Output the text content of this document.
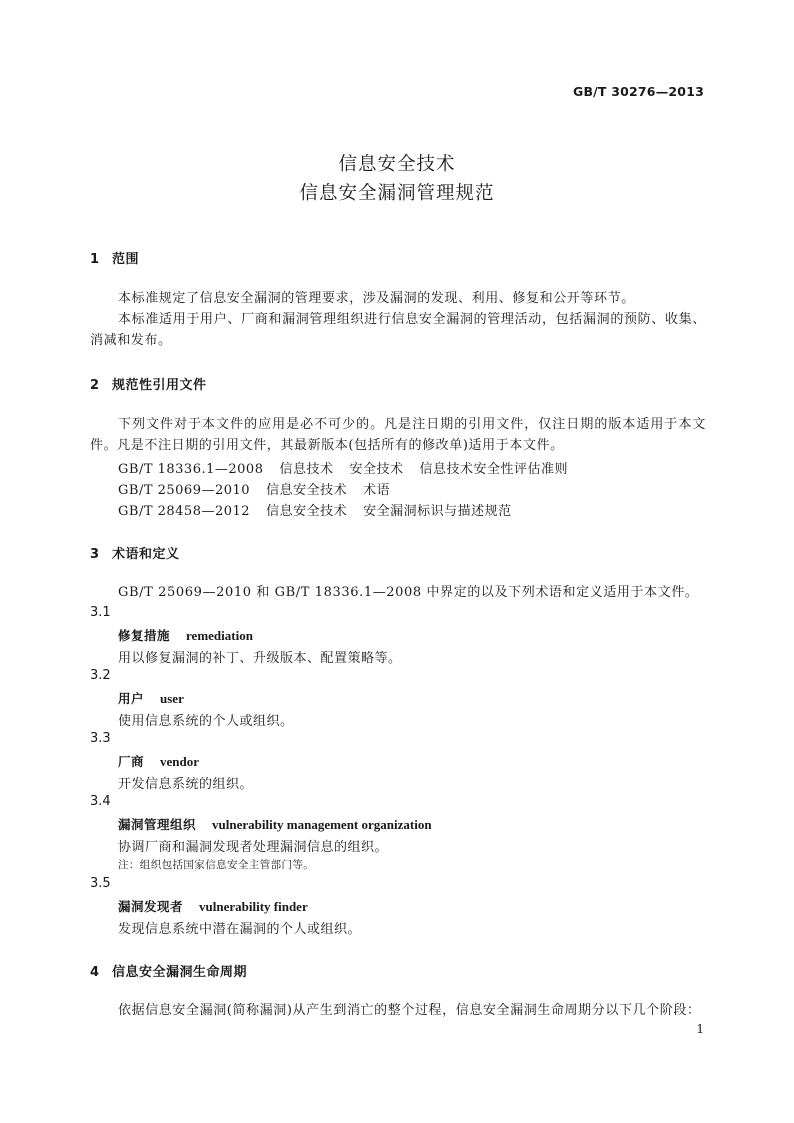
GB/T 30276—2013
信息安全技术
信息安全漏洞管理规范
1 范围
本标准规定了信息安全漏洞的管理要求，涉及漏洞的发现、利用、修复和公开等环节。
本标准适用于用户、厂商和漏洞管理组织进行信息安全漏洞的管理活动，包括漏洞的预防、收集、消减和发布。
2 规范性引用文件
下列文件对于本文件的应用是必不可少的。凡是注日期的引用文件，仅注日期的版本适用于本文件。凡是不注日期的引用文件，其最新版本(包括所有的修改单)适用于本文件。
GB/T 18336.1—2008 信息技术 安全技术 信息技术安全性评估准则
GB/T 25069—2010 信息安全技术 术语
GB/T 28458—2012 信息安全技术 安全漏洞标识与描述规范
3 术语和定义
GB/T 25069—2010 和 GB/T 18336.1—2008 中界定的以及下列术语和定义适用于本文件。
3.1
修复措施 remediation
用以修复漏洞的补丁、升级版本、配置策略等。
3.2
用户 user
使用信息系统的个人或组织。
3.3
厂商 vendor
开发信息系统的组织。
3.4
漏洞管理组织 vulnerability management organization
协调厂商和漏洞发现者处理漏洞信息的组织。
注：组织包括国家信息安全主管部门等。
3.5
漏洞发现者 vulnerability finder
发现信息系统中潜在漏洞的个人或组织。
4 信息安全漏洞生命周期
依据信息安全漏洞(简称漏洞)从产生到消亡的整个过程，信息安全漏洞生命周期分以下几个阶段：
1
